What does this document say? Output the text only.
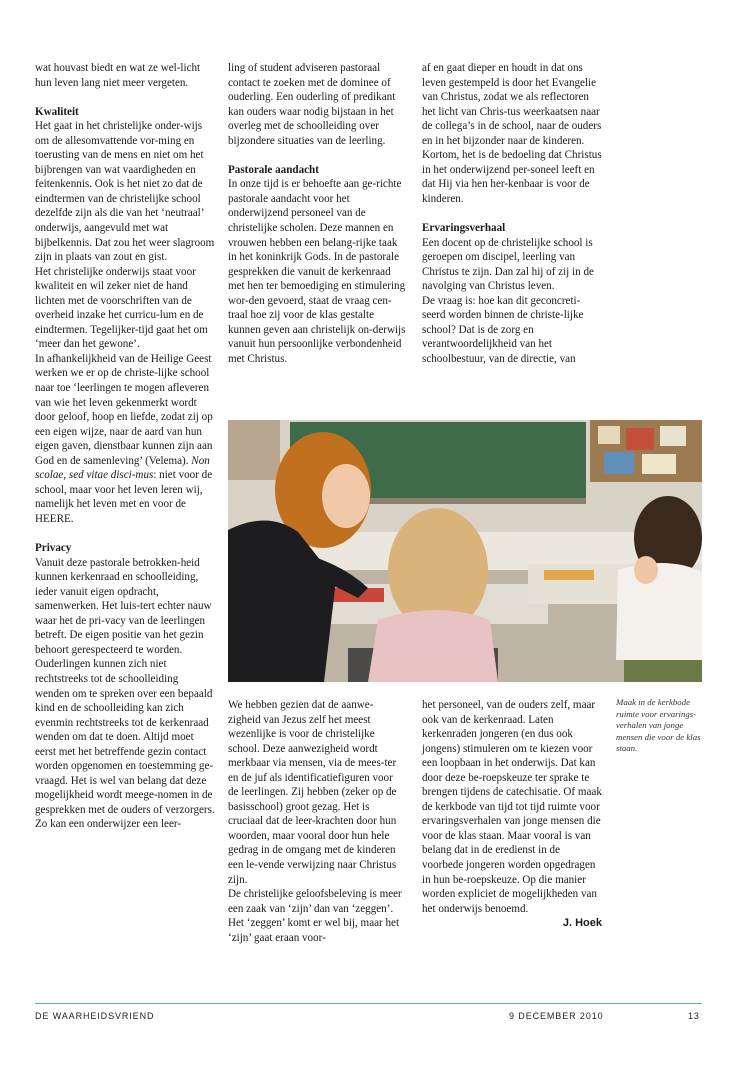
wat houvast biedt en wat ze wel-licht hun leven lang niet meer vergeten.

Kwaliteit

Het gaat in het christelijke onder-wijs om de allesomvattende vor-ming en toerusting van de mens en niet om het bijbrengen van wat vaardigheden en feitenkennis. Ook is het niet zo dat de eindtermen van de christelijke school dezelfde zijn als die van het ‘neutraal’ onderwijs, aangevuld met wat bijbelkennis. Dat zou het weer slagroom zijn in plaats van zout en gist.

Het christelijke onderwijs staat voor kwaliteit en wil zeker niet de hand lichten met de voorschriften van de overheid inzake het curricu-lum en de eindtermen. Tegelijker-tijd gaat het om ‘meer dan het gewone’.

In afhankelijkheid van de Heilige Geest werken we er op de christe-lijke school naar toe ‘leerlingen te mogen afleveren van wie het leven gekenmerkt wordt door geloof, hoop en liefde, zodat zij op een eigen wijze, naar de aard van hun eigen gaven, dienstbaar kunnen zijn aan God en de samenleving’ (Velema). Non scolae, sed vitae disci-mus: niet voor de school, maar voor het leven leren wij, namelijk het leven met en voor de HEERE.

Privacy

Vanuit deze pastorale betrokken-heid kunnen kerkenraad en schoolleiding, ieder vanuit eigen opdracht, samenwerken. Het luis-tert echter nauw waar het de pri-vacy van de leerlingen betreft. De eigen positie van het gezin behoort gerespecteerd te worden. Ouderlingen kunnen zich niet rechtstreeks tot de schoolleiding wenden om te spreken over een bepaald kind en de schoolleiding kan zich evenmin rechtstreeks tot de kerkenraad wenden om dat te doen. Altijd moet eerst met het betreffende gezin contact worden opgenomen en toestemming ge-vraagd. Het is wel van belang dat deze mogelijkheid wordt meege-nomen in de gesprekken met de ouders of verzorgers.

Zo kan een onderwijzer een leer-

ling of student adviseren pastoraal contact te zoeken met de dominee of ouderling. Een ouderling of predikant kan ouders waar nodig bijstaan in het overleg met de schoolleiding over bijzondere situaties van de leerling.

Pastorale aandacht

In onze tijd is er behoefte aan ge-richte pastorale aandacht voor het onderwijzend personeel van de christelijke scholen. Deze mannen en vrouwen hebben een belang-rijke taak in het koninkrijk Gods. In de pastorale gesprekken die vanuit de kerkenraad met hen ter bemoediging en stimulering wor-den gevoerd, staat de vraag cen-traal hoe zij voor de klas gestalte kunnen geven aan christelijk on-derwijs vanuit hun persoonlijke verbondenheid met Christus.

af en gaat dieper en houdt in dat ons leven gestempeld is door het Evangelie van Christus, zodat we als reflectoren het licht van Chris-tus weerkaatsen naar de collega’s in de school, naar de ouders en in het bijzonder naar de kinderen. Kortom, het is de bedoeling dat Christus in het onderwijzend per-soneel leeft en dat Hij via hen her-kenbaar is voor de kinderen.

Ervaringsverhaal

Een docent op de christelijke school is geroepen om discipel, leerling van Christus te zijn. Dan zal hij of zij in de navolging van Christus leven.

De vraag is: hoe kan dit geconcreti-seerd worden binnen de christe-lijke school? Dat is de zorg en verantwoordelijkheid van het schoolbestuur, van de directie, van

We hebben gezien dat de aanwe-zigheid van Jezus zelf het meest wezenlijke is voor de christelijke school. Deze aanwezigheid wordt merkbaar via mensen, via de mees-ter en de juf als identificatiefiguren voor de leerlingen. Zij hebben (zeker op de basisschool) groot gezag. Het is cruciaal dat de leer-krachten door hun woorden, maar vooral door hun hele gedrag in de omgang met de kinderen een le-vende verwijzing naar Christus zijn.

De christelijke geloofsbeleving is meer een zaak van ‘zijn’ dan van ‘zeggen’. Het ‘zeggen’ komt er wel bij, maar het ‘zijn’ gaat eraan voor-

het personeel, van de ouders zelf, maar ook van de kerkenraad. Laten kerkenraden jongeren (en dus ook jongens) stimuleren om te kiezen voor een loopbaan in het onderwijs. Dat kan door deze be-roepskeuze ter sprake te brengen tijdens de catechisatie. Of maak de kerkbode van tijd tot tijd ruimte voor ervaringsverhalen van jonge mensen die voor de klas staan. Maar vooral is van belang dat in de eredienst in de voorbede jongeren worden opgedragen in hun be-roepskeuze. Op die manier worden expliciet de mogelijkheden van het onderwijs benoemd.

J. Hoek

Maak in de kerkbode ruimte voor ervarings-verhalen van jonge mensen die voor de klas staan.
DE WAARHEIDSVRIEND	9 DECEMBER 2010	13
